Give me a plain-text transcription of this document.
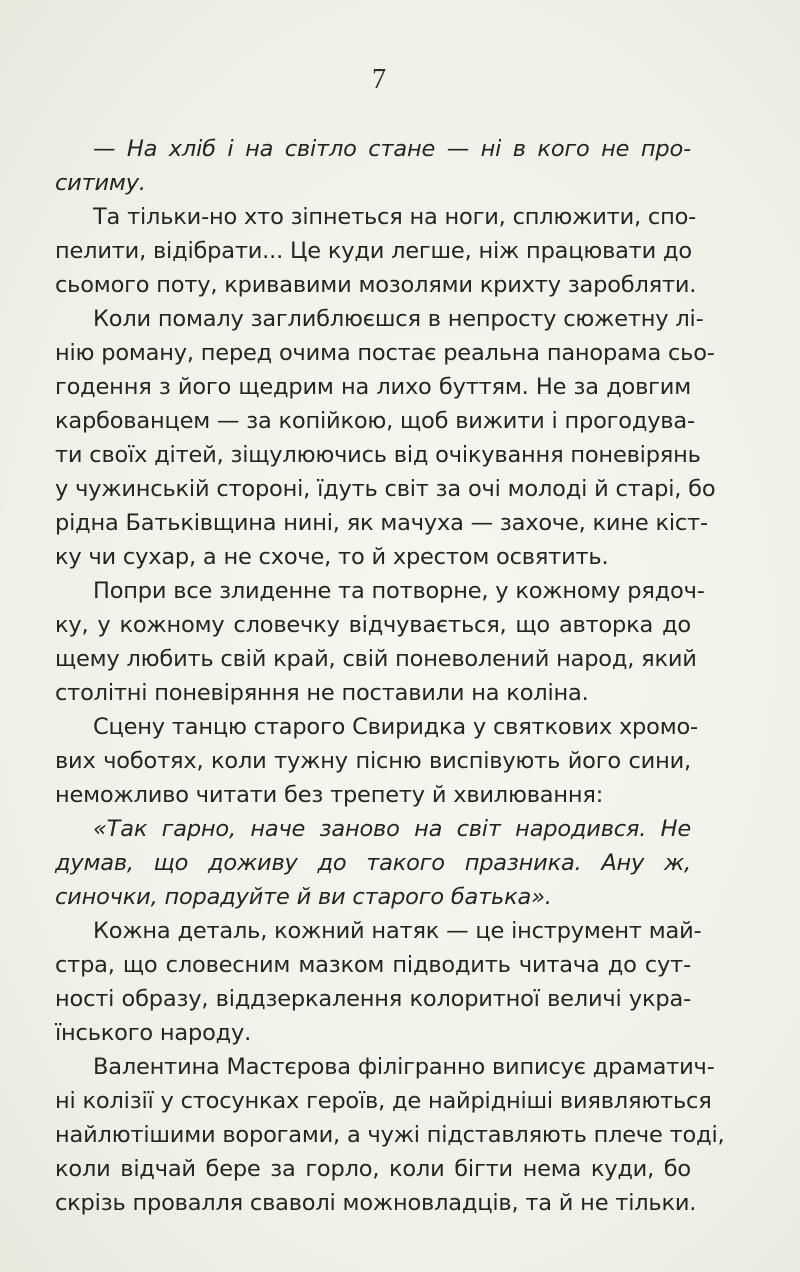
7
— На хліб і на світло стане — ні в кого не про-
ситиму.
Та тільки-но хто зіпнеться на ноги, сплюжити, спо-
пелити, відібрати... Це куди легше, ніж працювати до
сьомого поту, кривавими мозолями крихту заробляти.
Коли помалу заглиблюєшся в непросту сюжетну лі-
нію роману, перед очима постає реальна панорама сьо-
годення з його щедрим на лихо буттям. Не за довгим
карбованцем — за копійкою, щоб вижити і прогодува-
ти своїх дітей, зіщулюючись від очікування поневірянь
у чужинській стороні, їдуть світ за очі молоді й старі, бо
рідна Батьківщина нині, як мачуха — захоче, кине кіст-
ку чи сухар, а не схоче, то й хрестом освятить.
Попри все злиденне та потворне, у кожному рядоч-
ку, у кожному словечку відчувається, що авторка до
щему любить свій край, свій поневолений народ, який
столітні поневіряння не поставили на коліна.
Сцену танцю старого Свиридка у святкових хромо-
вих чоботях, коли тужну пісню виспівують його сини,
неможливо читати без трепету й хвилювання:
«Так гарно, наче заново на світ народився. Не
думав, що доживу до такого празника. Ану ж,
синочки, порадуйте й ви старого батька».
Кожна деталь, кожний натяк — це інструмент май-
стра, що словесним мазком підводить читача до сут-
ності образу, віддзеркалення колоритної величі укра-
їнського народу.
Валентина Мастєрова філігранно виписує драматич-
ні колізії у стосунках героїв, де найрідніші виявляються
найлютішими ворогами, а чужі підставляють плече тоді,
коли відчай бере за горло, коли бігти нема куди, бо
скрізь провалля сваволі можновладців, та й не тільки.
